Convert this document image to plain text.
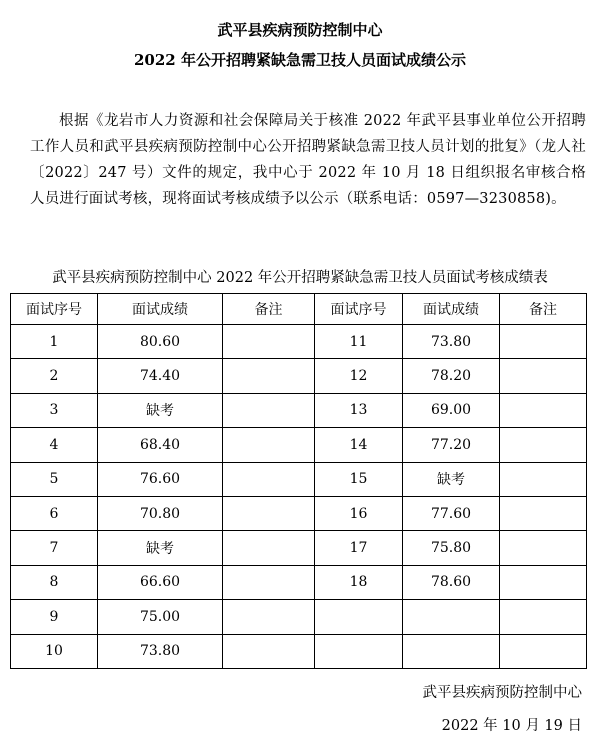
武平县疾病预防控制中心
2022 年公开招聘紧缺急需卫技人员面试成绩公示
根据《龙岩市人力资源和社会保障局关于核准 2022 年武平县事业单位公开招聘工作人员和武平县疾病预防控制中心公开招聘紧缺急需卫技人员计划的批复》（龙人社〔2022〕247 号）文件的规定，我中心于 2022 年 10 月 18 日组织报名审核合格人员进行面试考核，现将面试考核成绩予以公示（联系电话：0597—3230858)。
武平县疾病预防控制中心 2022 年公开招聘紧缺急需卫技人员面试考核成绩表
面试序号	面试成绩	备注	面试序号	面试成绩	备注
1	80.60		11	73.80	
2	74.40		12	78.20	
3	缺考		13	69.00	
4	68.40		14	77.20	
5	76.60		15	缺考	
6	70.80		16	77.60	
7	缺考		17	75.80	
8	66.60		18	78.60	
9	75.00				
10	73.80				
武平县疾病预防控制中心
2022 年 10 月 19 日
